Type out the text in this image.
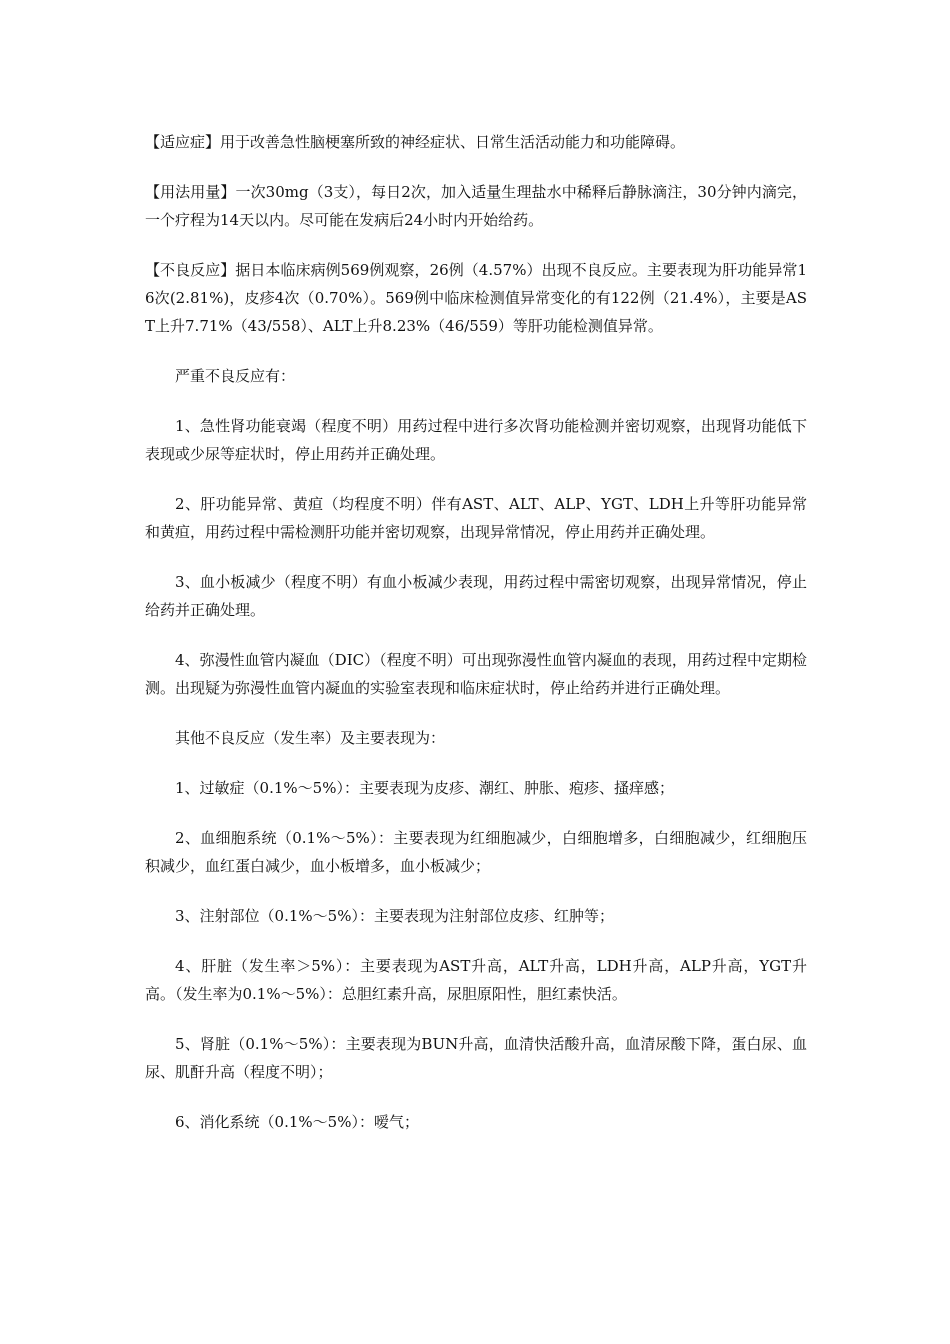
【适应症】用于改善急性脑梗塞所致的神经症状、日常生活活动能力和功能障碍。

【用法用量】一次30mg（3支），每日2次，加入适量生理盐水中稀释后静脉滴注，30分钟内滴完，一个疗程为14天以内。尽可能在发病后24小时内开始给药。

【不良反应】据日本临床病例569例观察，26例（4.57%）出现不良反应。主要表现为肝功能异常16次(2.81%)，皮疹4次（0.70%）。569例中临床检测值异常变化的有122例（21.4%），主要是AST上升7.71%（43/558）、ALT上升8.23%（46/559）等肝功能检测值异常。

严重不良反应有：

1、急性肾功能衰竭（程度不明）用药过程中进行多次肾功能检测并密切观察，出现肾功能低下表现或少尿等症状时，停止用药并正确处理。

2、肝功能异常、黄疸（均程度不明）伴有AST、ALT、ALP、YGT、LDH上升等肝功能异常和黄疸，用药过程中需检测肝功能并密切观察，出现异常情况，停止用药并正确处理。

3、血小板减少（程度不明）有血小板减少表现，用药过程中需密切观察，出现异常情况，停止给药并正确处理。

4、弥漫性血管内凝血（DIC）（程度不明）可出现弥漫性血管内凝血的表现，用药过程中定期检测。出现疑为弥漫性血管内凝血的实验室表现和临床症状时，停止给药并进行正确处理。

其他不良反应（发生率）及主要表现为：

1、过敏症（0.1%～5%）：主要表现为皮疹、潮红、肿胀、疱疹、搔痒感；

2、血细胞系统（0.1%～5%）：主要表现为红细胞减少，白细胞增多，白细胞减少，红细胞压积减少，血红蛋白减少，血小板增多，血小板减少；

3、注射部位（0.1%～5%）：主要表现为注射部位皮疹、红肿等；

4、肝脏（发生率＞5%）：主要表现为AST升高，ALT升高，LDH升高，ALP升高，YGT升高。（发生率为0.1%～5%）：总胆红素升高，尿胆原阳性，胆红素快活。

5、肾脏（0.1%～5%）：主要表现为BUN升高，血清快活酸升高，血清尿酸下降，蛋白尿、血尿、肌酐升高（程度不明）；

6、消化系统（0.1%～5%）：嗳气；
